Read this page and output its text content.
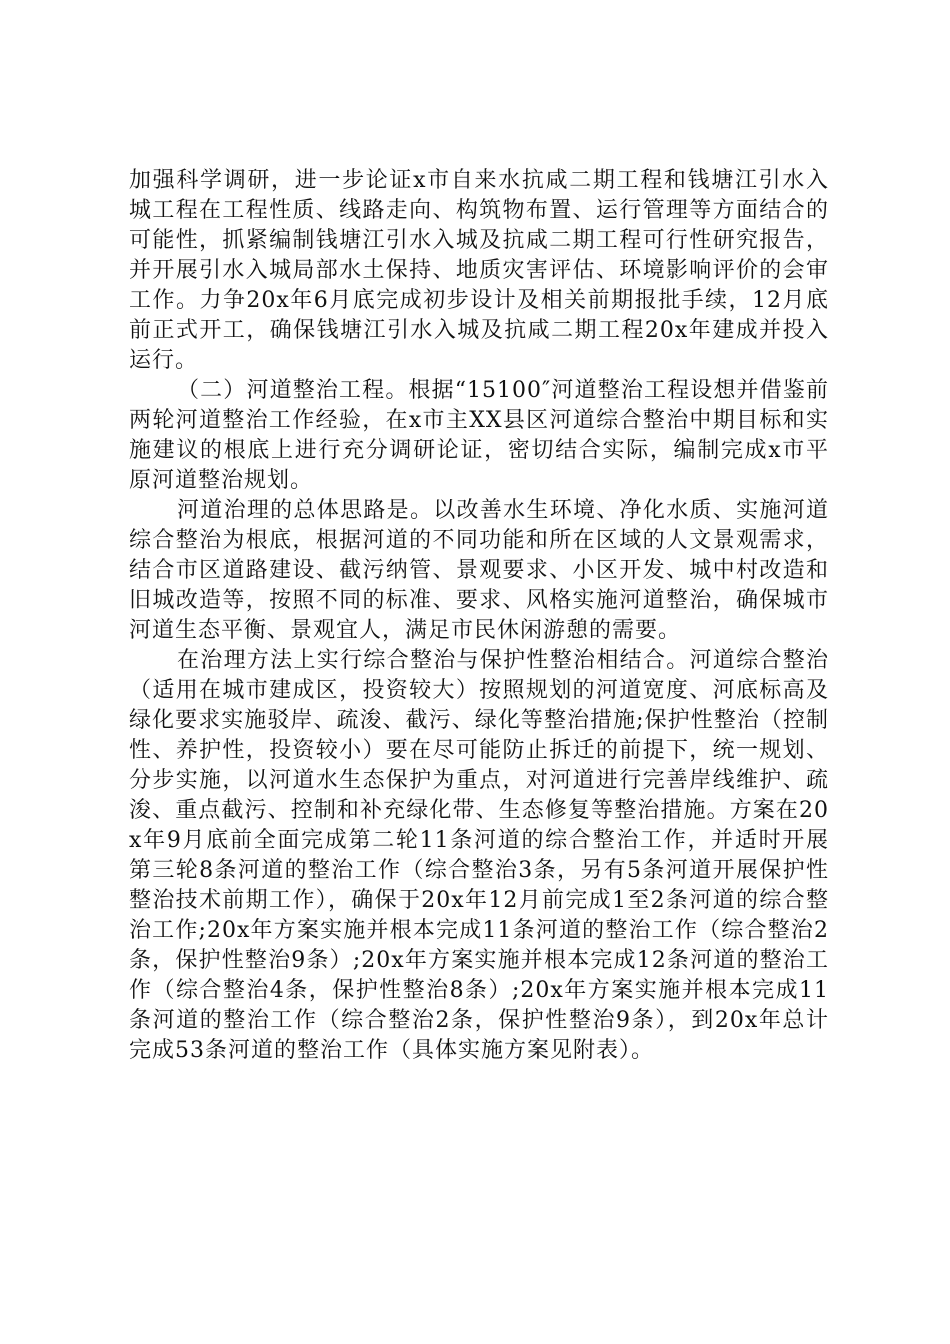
加强科学调研，进一步论证x市自来水抗咸二期工程和钱塘江引水入城工程在工程性质、线路走向、构筑物布置、运行管理等方面结合的可能性，抓紧编制钱塘江引水入城及抗咸二期工程可行性研究报告，并开展引水入城局部水土保持、地质灾害评估、环境影响评价的会审工作。力争20x年6月底完成初步设计及相关前期报批手续，12月底前正式开工，确保钱塘江引水入城及抗咸二期工程20x年建成并投入运行。

（二）河道整治工程。根据“15100″河道整治工程设想并借鉴前两轮河道整治工作经验，在x市主XX县区河道综合整治中期目标和实施建议的根底上进行充分调研论证，密切结合实际，编制完成x市平原河道整治规划。

河道治理的总体思路是。以改善水生环境、净化水质、实施河道综合整治为根底，根据河道的不同功能和所在区域的人文景观需求，结合市区道路建设、截污纳管、景观要求、小区开发、城中村改造和旧城改造等，按照不同的标准、要求、风格实施河道整治，确保城市河道生态平衡、景观宜人，满足市民休闲游憩的需要。

在治理方法上实行综合整治与保护性整治相结合。河道综合整治（适用在城市建成区，投资较大）按照规划的河道宽度、河底标高及绿化要求实施驳岸、疏浚、截污、绿化等整治措施;保护性整治（控制性、养护性，投资较小）要在尽可能防止拆迁的前提下，统一规划、分步实施，以河道水生态保护为重点，对河道进行完善岸线维护、疏浚、重点截污、控制和补充绿化带、生态修复等整治措施。方案在20x年9月底前全面完成第二轮11条河道的综合整治工作，并适时开展第三轮8条河道的整治工作（综合整治3条，另有5条河道开展保护性整治技术前期工作），确保于20x年12月前完成1至2条河道的综合整治工作;20x年方案实施并根本完成11条河道的整治工作（综合整治2条，保护性整治9条）;20x年方案实施并根本完成12条河道的整治工作（综合整治4条，保护性整治8条）;20x年方案实施并根本完成11条河道的整治工作（综合整治2条，保护性整治9条），到20x年总计完成53条河道的整治工作（具体实施方案见附表）。
